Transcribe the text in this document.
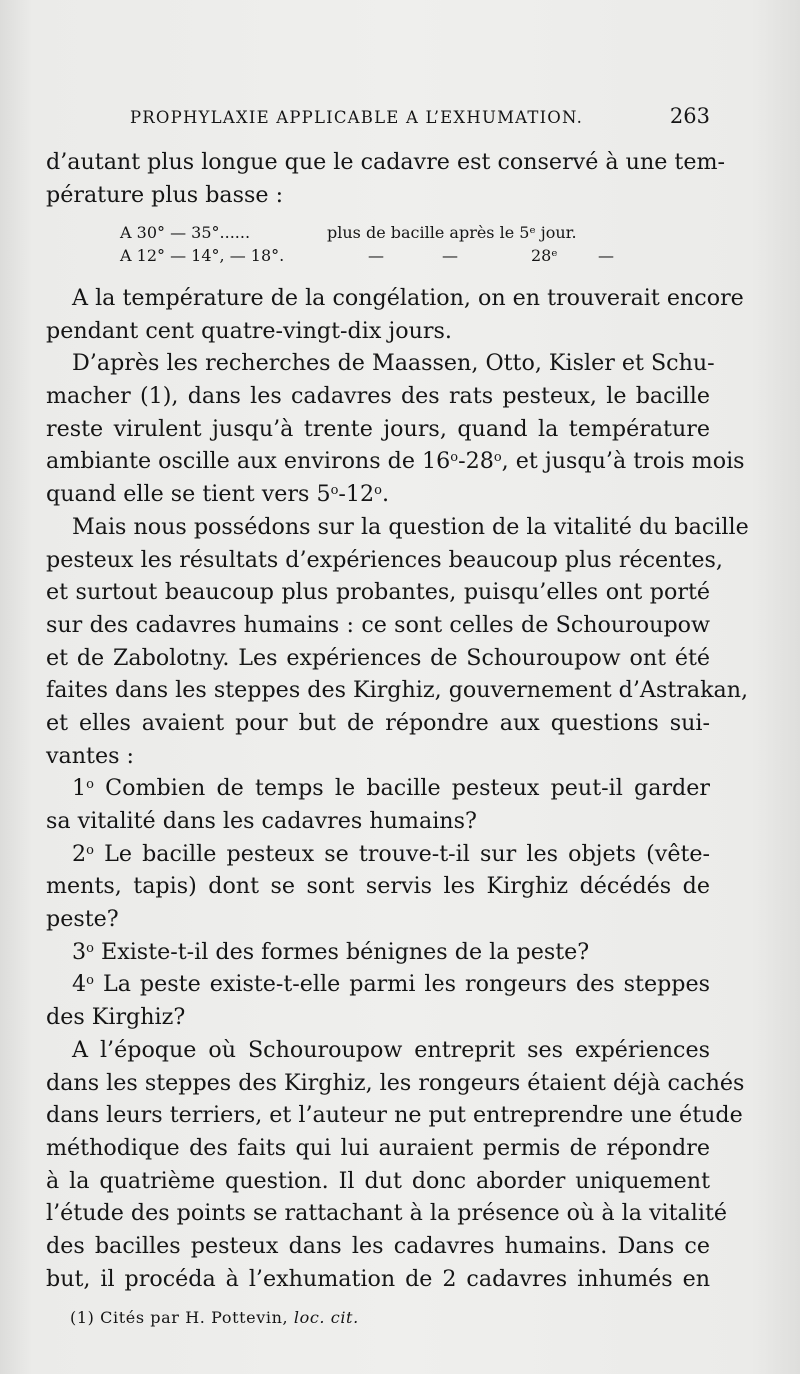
PROPHYLAXIE APPLICABLE A L’EXHUMATION.	263
d’autant plus longue que le cadavre est conservé à une tem-
pérature plus basse :
A 30° — 35°......	plus de bacille après le 5ᵉ jour.
A 12° — 14°, — 18°.	—	—	28ᵉ	—
A la température de la congélation, on en trouverait encore
pendant cent quatre-vingt-dix jours.
D’après les recherches de Maassen, Otto, Kisler et Schu-
macher (1), dans les cadavres des rats pesteux, le bacille
reste virulent jusqu’à trente jours, quand la température
ambiante oscille aux environs de 16$^o$-28$^o$, et jusqu’à trois mois
quand elle se tient vers 5$^o$-12$^o$.
Mais nous possédons sur la question de la vitalité du bacille
pesteux les résultats d’expériences beaucoup plus récentes,
et surtout beaucoup plus probantes, puisqu’elles ont porté
sur des cadavres humains : ce sont celles de Schouroupow
et de Zabolotny. Les expériences de Schouroupow ont été
faites dans les steppes des Kirghiz, gouvernement d’Astrakan,
et elles avaient pour but de répondre aux questions sui-
vantes :
1$^o$ Combien de temps le bacille pesteux peut-il garder
sa vitalité dans les cadavres humains?
2$^o$ Le bacille pesteux se trouve-t-il sur les objets (vête-
ments, tapis) dont se sont servis les Kirghiz décédés de
peste?
3$^o$ Existe-t-il des formes bénignes de la peste?
4$^o$ La peste existe-t-elle parmi les rongeurs des steppes
des Kirghiz?
A l’époque où Schouroupow entreprit ses expériences
dans les steppes des Kirghiz, les rongeurs étaient déjà cachés
dans leurs terriers, et l’auteur ne put entreprendre une étude
méthodique des faits qui lui auraient permis de répondre
à la quatrième question. Il dut donc aborder uniquement
l’étude des points se rattachant à la présence où à la vitalité
des bacilles pesteux dans les cadavres humains. Dans ce
but, il procéda à l’exhumation de 2 cadavres inhumés en
(1) Cités par H. Pottevin, loc. cit.
